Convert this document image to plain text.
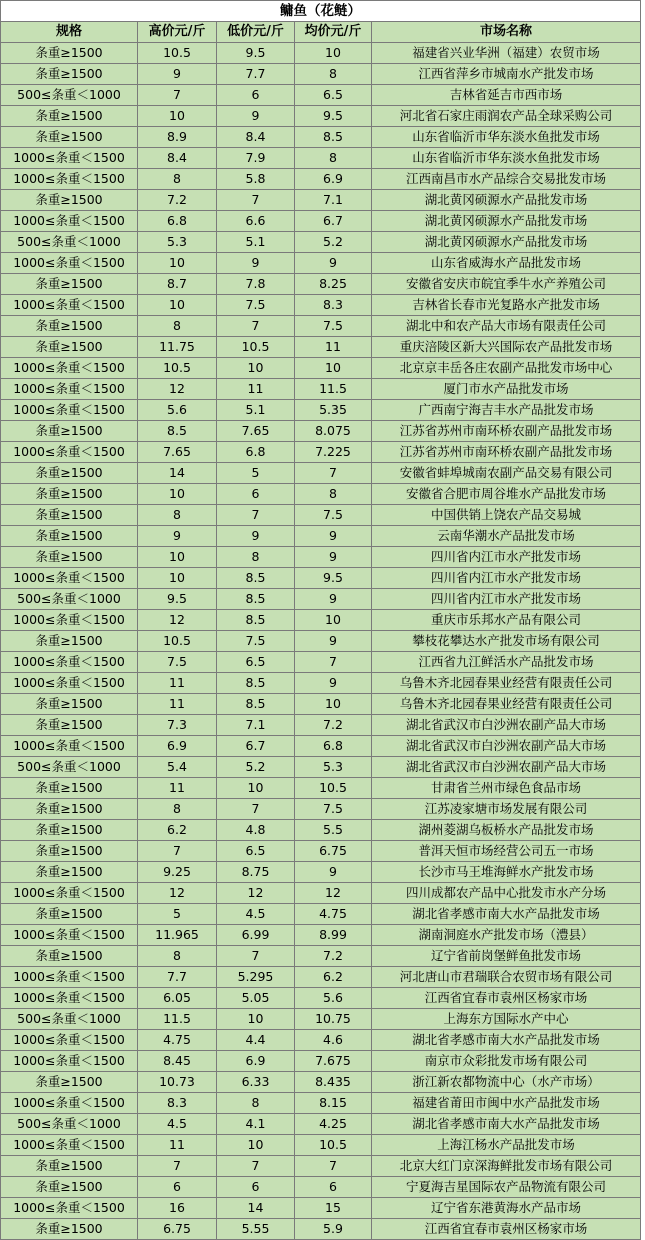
鳙鱼（花鲢）				
规格	高价元/斤	低价元/斤	均价元/斤	市场名称
条重≥1500	10.5	9.5	10	福建省兴业华洲（福建）农贸市场
条重≥1500	9	7.7	8	江西省萍乡市城南水产批发市场
500≤条重＜1000	7	6	6.5	吉林省延吉市西市场
条重≥1500	10	9	9.5	河北省石家庄雨润农产品全球采购公司
条重≥1500	8.9	8.4	8.5	山东省临沂市华东淡水鱼批发市场
1000≤条重＜1500	8.4	7.9	8	山东省临沂市华东淡水鱼批发市场
1000≤条重＜1500	8	5.8	6.9	江西南昌市水产品综合交易批发市场
条重≥1500	7.2	7	7.1	湖北黄冈硕源水产品批发市场
1000≤条重＜1500	6.8	6.6	6.7	湖北黄冈硕源水产品批发市场
500≤条重＜1000	5.3	5.1	5.2	湖北黄冈硕源水产品批发市场
1000≤条重＜1500	10	9	9	山东省威海水产品批发市场
条重≥1500	8.7	7.8	8.25	安徽省安庆市皖宜季牛水产养殖公司
1000≤条重＜1500	10	7.5	8.3	吉林省长春市光复路水产批发市场
条重≥1500	8	7	7.5	湖北中和农产品大市场有限责任公司
条重≥1500	11.75	10.5	11	重庆涪陵区新大兴国际农产品批发市场
1000≤条重＜1500	10.5	10	10	北京京丰岳各庄农副产品批发市场中心
1000≤条重＜1500	12	11	11.5	厦门市水产品批发市场
1000≤条重＜1500	5.6	5.1	5.35	广西南宁海吉丰水产品批发市场
条重≥1500	8.5	7.65	8.075	江苏省苏州市南环桥农副产品批发市场
1000≤条重＜1500	7.65	6.8	7.225	江苏省苏州市南环桥农副产品批发市场
条重≥1500	14	5	7	安徽省蚌埠城南农副产品交易有限公司
条重≥1500	10	6	8	安徽省合肥市周谷堆水产品批发市场
条重≥1500	8	7	7.5	中国供销上饶农产品交易城
条重≥1500	9	9	9	云南华潮水产品批发市场
条重≥1500	10	8	9	四川省内江市水产批发市场
1000≤条重＜1500	10	8.5	9.5	四川省内江市水产批发市场
500≤条重＜1000	9.5	8.5	9	四川省内江市水产批发市场
1000≤条重＜1500	12	8.5	10	重庆市乐邦水产品有限公司
条重≥1500	10.5	7.5	9	攀枝花攀达水产批发市场有限公司
1000≤条重＜1500	7.5	6.5	7	江西省九江鲜活水产品批发市场
1000≤条重＜1500	11	8.5	9	乌鲁木齐北园春果业经营有限责任公司
条重≥1500	11	8.5	10	乌鲁木齐北园春果业经营有限责任公司
条重≥1500	7.3	7.1	7.2	湖北省武汉市白沙洲农副产品大市场
1000≤条重＜1500	6.9	6.7	6.8	湖北省武汉市白沙洲农副产品大市场
500≤条重＜1000	5.4	5.2	5.3	湖北省武汉市白沙洲农副产品大市场
条重≥1500	11	10	10.5	甘肃省兰州市绿色食品市场
条重≥1500	8	7	7.5	江苏凌家塘市场发展有限公司
条重≥1500	6.2	4.8	5.5	湖州菱湖乌板桥水产品批发市场
条重≥1500	7	6.5	6.75	普洱天恒市场经营公司五一市场
条重≥1500	9.25	8.75	9	长沙市马王堆海鲜水产批发市场
1000≤条重＜1500	12	12	12	四川成都农产品中心批发市水产分场
条重≥1500	5	4.5	4.75	湖北省孝感市南大水产品批发市场
1000≤条重＜1500	11.965	6.99	8.99	湖南洞庭水产批发市场（澧县）
条重≥1500	8	7	7.2	辽宁省前岗堡鲜鱼批发市场
1000≤条重＜1500	7.7	5.295	6.2	河北唐山市君瑞联合农贸市场有限公司
1000≤条重＜1500	6.05	5.05	5.6	江西省宜春市袁州区杨家市场
500≤条重＜1000	11.5	10	10.75	上海东方国际水产中心
1000≤条重＜1500	4.75	4.4	4.6	湖北省孝感市南大水产品批发市场
1000≤条重＜1500	8.45	6.9	7.675	南京市众彩批发市场有限公司
条重≥1500	10.73	6.33	8.435	浙江新农都物流中心（水产市场）
1000≤条重＜1500	8.3	8	8.15	福建省莆田市闽中水产品批发市场
500≤条重＜1000	4.5	4.1	4.25	湖北省孝感市南大水产品批发市场
1000≤条重＜1500	11	10	10.5	上海江杨水产品批发市场
条重≥1500	7	7	7	北京大红门京深海鲜批发市场有限公司
条重≥1500	6	6	6	宁夏海吉星国际农产品物流有限公司
1000≤条重＜1500	16	14	15	辽宁省东港黄海水产品市场
条重≥1500	6.75	5.55	5.9	江西省宜春市袁州区杨家市场
